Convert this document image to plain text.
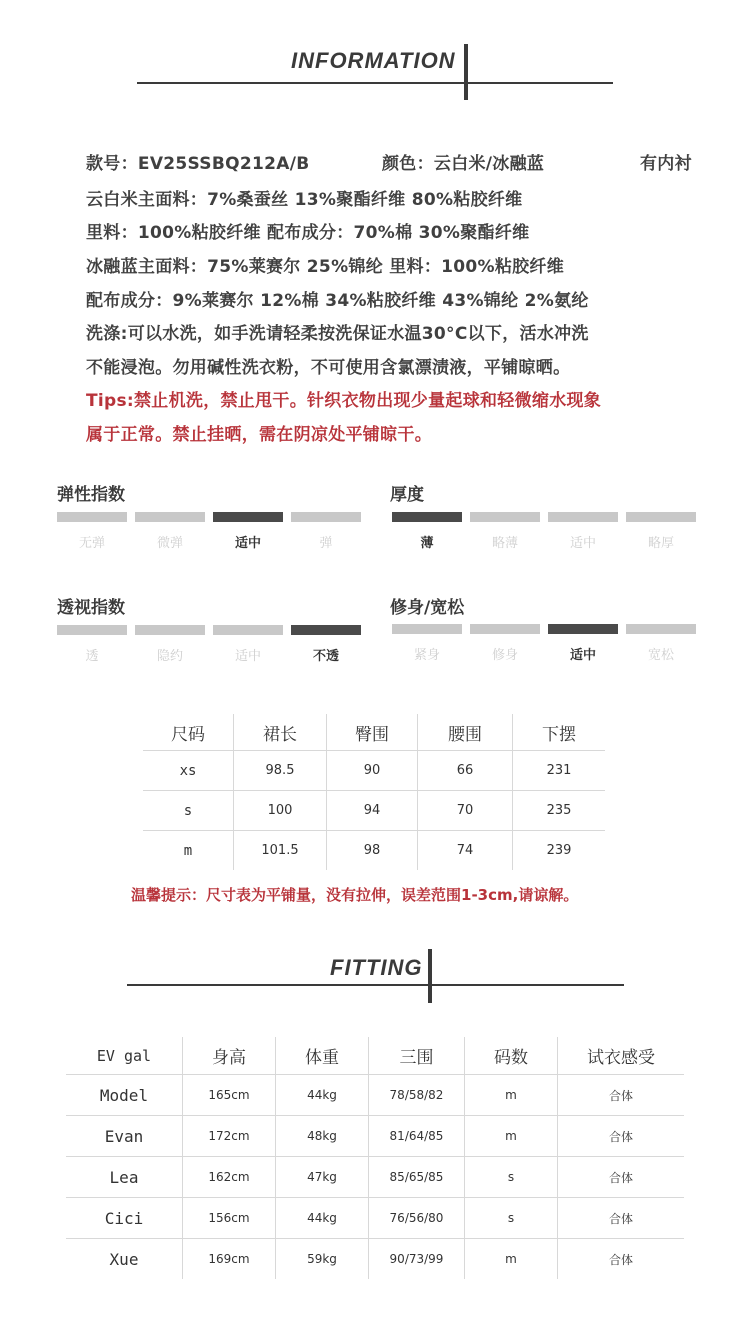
INFORMATION
款号：EV25SSBQ212A/B	颜色：云白米/冰融蓝	有内衬
云白米主面料：7%桑蚕丝 13%聚酯纤维 80%粘胶纤维
里料：100%粘胶纤维 配布成分：70%棉 30%聚酯纤维
冰融蓝主面料：75%莱赛尔 25%锦纶 里料：100%粘胶纤维
配布成分：9%莱赛尔 12%棉 34%粘胶纤维 43%锦纶 2%氨纶
洗涤:可以水洗，如手洗请轻柔按洗保证水温30°C以下，活水冲洗
不能浸泡。勿用碱性洗衣粉，不可使用含氯漂渍液，平铺晾晒。
Tips:禁止机洗，禁止甩干。针织衣物出现少量起球和轻微缩水现象
属于正常。禁止挂晒，需在阴凉处平铺晾干。
弹性指数
无弹	微弹	适中	弹
厚度
薄	略薄	适中	略厚
透视指数
透	隐约	适中	不透
修身/宽松
紧身	修身	适中	宽松
尺码	裙长	臀围	腰围	下摆
xs	98.5	90	66	231
s	100	94	70	235
m	101.5	98	74	239
温馨提示：尺寸表为平铺量，没有拉伸，误差范围1-3cm,请谅解。
FITTING
EV gal	身高	体重	三围	码数	试衣感受
Model	165cm	44kg	78/58/82	m	合体
Evan	172cm	48kg	81/64/85	m	合体
Lea	162cm	47kg	85/65/85	s	合体
Cici	156cm	44kg	76/56/80	s	合体
Xue	169cm	59kg	90/73/99	m	合体
